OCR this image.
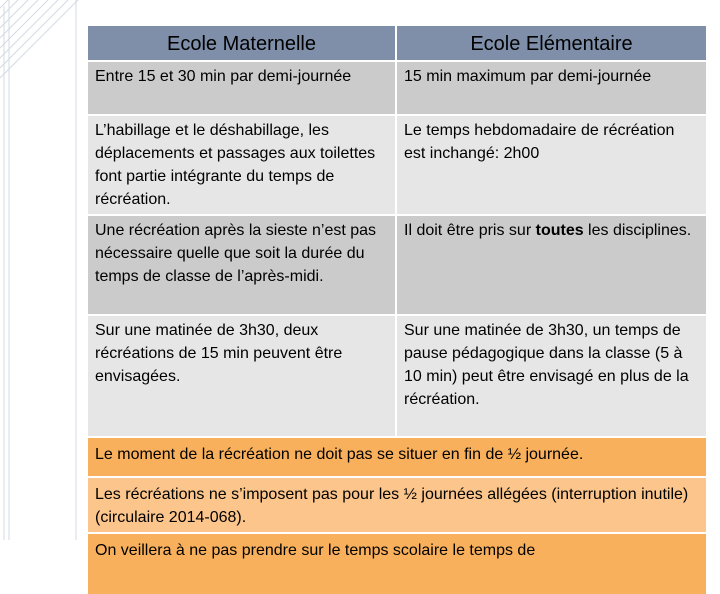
Ecole Maternelle	Ecole Elémentaire
Entre 15 et 30 min par demi-journée	15 min maximum par demi-journée
L’habillage et le déshabillage, les déplacements et passages aux toilettes font partie intégrante du temps de récréation.
Le temps hebdomadaire de récréation est inchangé: 2h00
Une récréation après la sieste n’est pas nécessaire quelle que soit la durée du temps de classe de l’après-midi.
Il doit être pris sur toutes les disciplines.
Sur une matinée de 3h30, deux récréations de 15 min peuvent être envisagées.
Sur une matinée de 3h30, un temps de pause pédagogique dans la classe (5 à 10 min) peut être envisagé en plus de la récréation.
Le moment de la récréation ne doit pas se situer en fin de ½ journée.
Les récréations ne s’imposent pas pour les ½ journées allégées (interruption inutile) (circulaire 2014-068).
On veillera à ne pas prendre sur le temps scolaire le temps de
